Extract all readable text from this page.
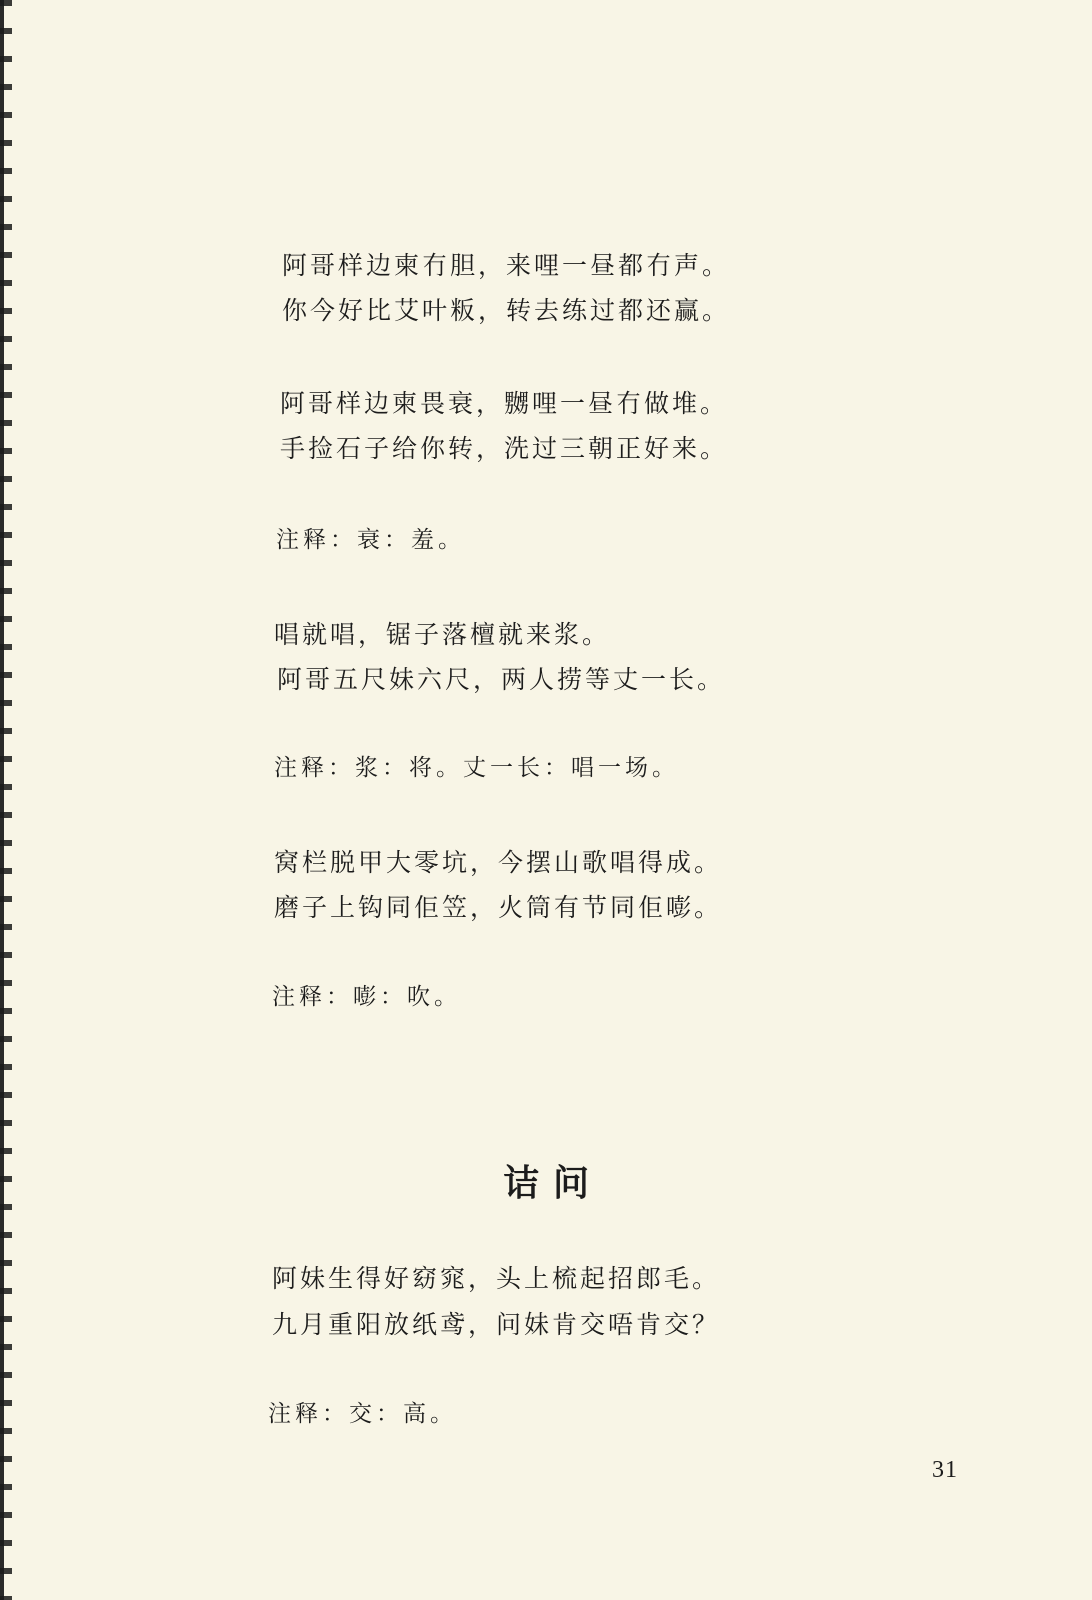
阿哥样边柬冇胆，来哩一昼都冇声。
你今好比艾叶粄，转去练过都还赢。
阿哥样边柬畏衰，嬲哩一昼冇做堆。
手捡石子给你转，洗过三朝正好来。
注释：衰：羞。
唱就唱，锯子落檀就来浆。
阿哥五尺妹六尺，两人捞等丈一长。
注释：浆：将。丈一长：唱一场。
窝栏脱甲大零坑，今摆山歌唱得成。
磨子上钩同佢笠，火筒有节同佢嘭。
注释：嘭：吹。
诘问
阿妹生得好窈窕，头上梳起招郎毛。
九月重阳放纸鸢，问妹肯交唔肯交？
注释：交：高。
31
